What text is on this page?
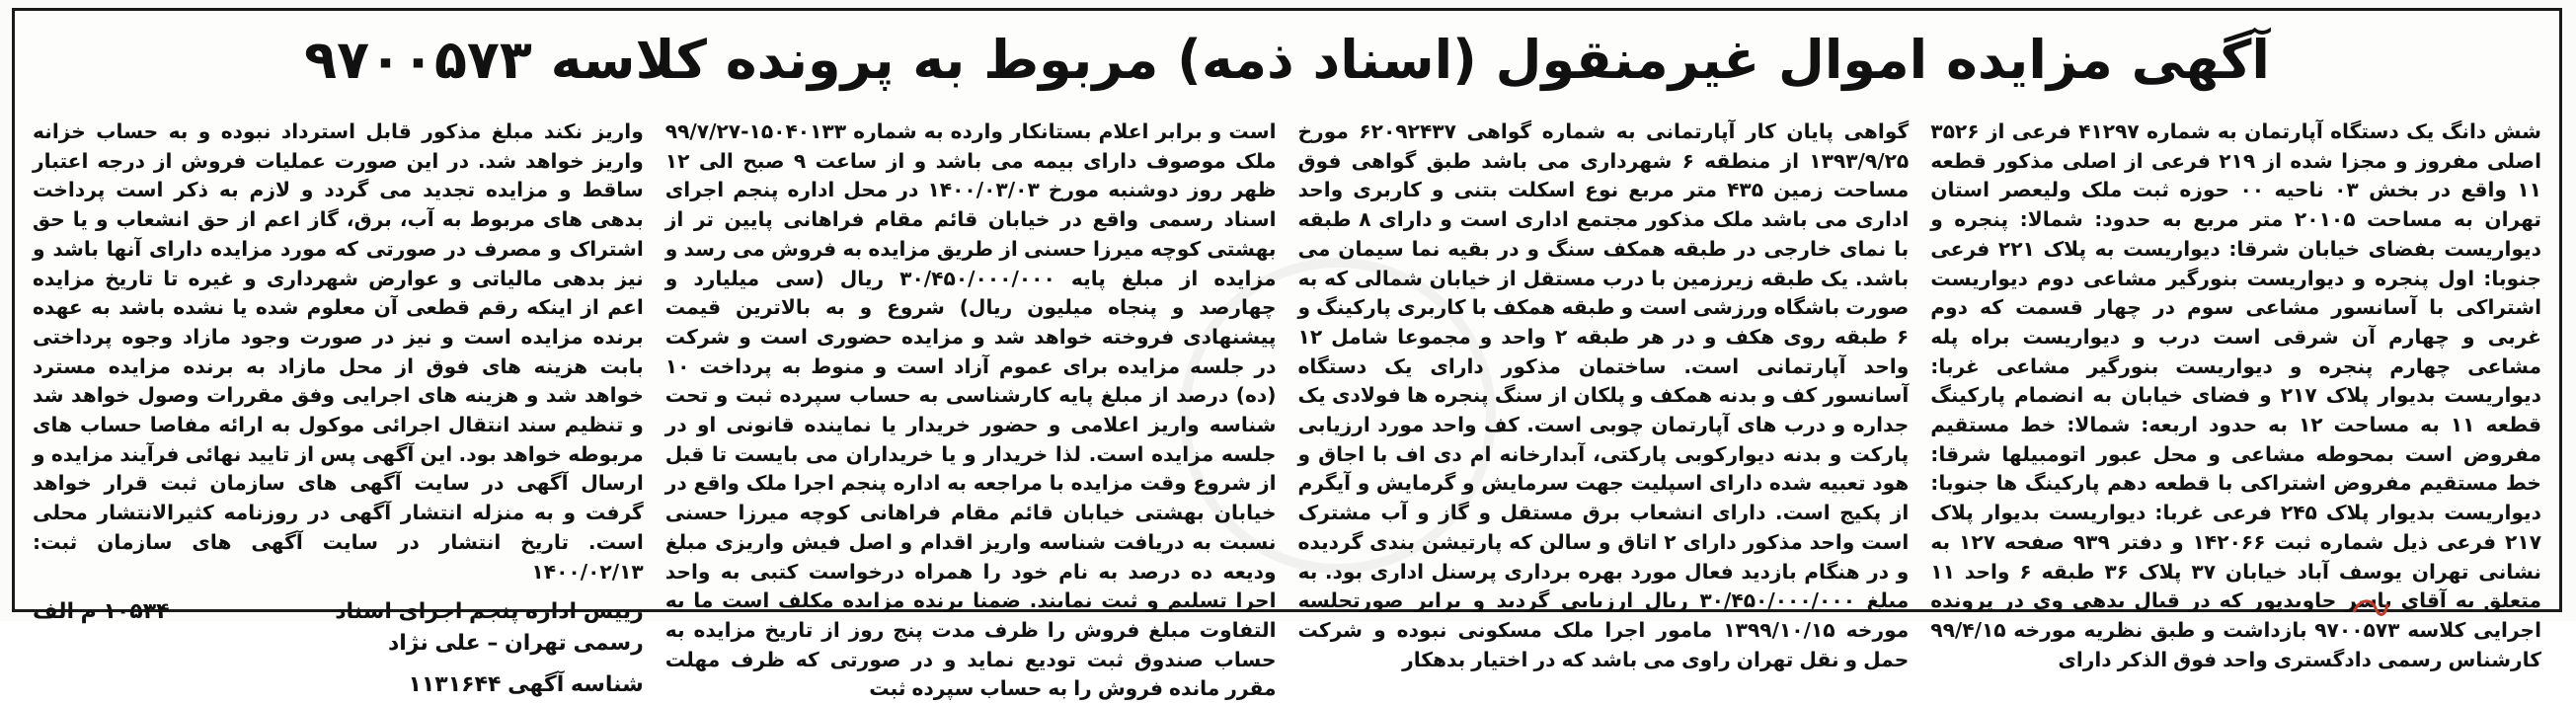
آگهی مزایده اموال غیرمنقول (اسناد ذمه) مربوط به پرونده کلاسه ۹۷۰۰۵۷۳

شش دانگ یک دستگاه آپارتمان به شماره ۴۱۲۹۷ فرعی از ۳۵۲۶ اصلی مفروز و مجزا شده از ۲۱۹ فرعی از اصلی مذکور قطعه ۱۱ واقع در بخش ۰۳ ناحیه ۰۰ حوزه ثبت ملک ولیعصر استان تهران به مساحت ۲۰۱۰۵ متر مربع به حدود: شمالا: پنجره و دیواریست بفضای خیابان شرقا: دیواریست به پلاک ۲۲۱ فرعی جنوبا: اول پنجره و دیواریست بنورگیر مشاعی دوم دیواریست اشتراکی با آسانسور مشاعی سوم در چهار قسمت که دوم غربی و چهارم آن شرقی است درب و دیواریست براه پله مشاعی چهارم پنجره و دیواریست بنورگیر مشاعی غربا: دیواریست بدیوار پلاک ۲۱۷ و فضای خیابان به انضمام پارکینگ قطعه ۱۱ به مساحت ۱۲ به حدود اربعه: شمالا: خط مستقیم مفروض است بمحوطه مشاعی و محل عبور اتومبیلها شرقا: خط مستقیم مفروض اشتراکی با قطعه دهم پارکینگ ها جنوبا: دیواریست بدیوار پلاک ۲۴۵ فرعی غربا: دیواریست بدیوار پلاک ۲۱۷ فرعی ذیل شماره ثبت ۱۴۲۰۶۶ و دفتر ۹۳۹ صفحه ۱۲۷ به نشانی تهران یوسف آباد خیابان ۳۷ پلاک ۳۶ طبقه ۶ واحد ۱۱ متعلق به آقای یاسر جاویدپور که در قبال بدهی وی در پرونده اجرایی کلاسه ۹۷۰۰۵۷۳ بازداشت و طبق نظریه مورخه ۹۹/۴/۱۵ کارشناس رسمی دادگستری واحد فوق الذکر دارای

گواهی پایان کار آپارتمانی به شماره گواهی ۶۲۰۹۲۴۳۷ مورخ ۱۳۹۳/۹/۲۵ از منطقه ۶ شهرداری می باشد طبق گواهی فوق مساحت زمین ۴۳۵ متر مربع نوع اسکلت بتنی و کاربری واحد اداری می باشد ملک مذکور مجتمع اداری است و دارای ۸ طبقه با نمای خارجی در طبقه همکف سنگ و در بقیه نما سیمان می باشد. یک طبقه زیرزمین با درب مستقل از خیابان شمالی که به صورت باشگاه ورزشی است و طبقه همکف با کاربری پارکینگ و ۶ طبقه روی هکف و در هر طبقه ۲ واحد و مجموعا شامل ۱۲ واحد آپارتمانی است. ساختمان مذکور دارای یک دستگاه آسانسور کف و بدنه همکف و پلکان از سنگ پنجره ها فولادی یک جداره و درب های آپارتمان چوبی است. کف واحد مورد ارزیابی پارکت و بدنه دیوارکوبی پارکتی، آبدارخانه ام دی اف با اجاق و هود تعبیه شده دارای اسپلیت جهت سرمایش و گرمایش و آیگرم از پکیج است. دارای انشعاب برق مستقل و گاز و آب مشترک است واحد مذکور دارای ۲ اتاق و سالن که پارتیشن بندی گردیده و در هنگام بازدید فعال مورد بهره برداری پرسنل اداری بود. به مبلغ ۳۰/۴۵۰/۰۰۰/۰۰۰ ریال ارزیابی گردید و برابر صورتجلسه مورخه ۱۳۹۹/۱۰/۱۵ مامور اجرا ملک مسکونی نبوده و شرکت حمل و نقل تهران راوی می باشد که در اختیار بدهکار

است و برابر اعلام بستانکار وارده به شماره ۱۵۰۴۰۱۳۳-۹۹/۷/۲۷ ملک موصوف دارای بیمه می باشد و از ساعت ۹ صبح الی ۱۲ ظهر روز دوشنبه مورخ ۱۴۰۰/۰۳/۰۳ در محل اداره پنجم اجرای اسناد رسمی واقع در خیابان قائم مقام فراهانی پایین تر از بهشتی کوچه میرزا حسنی از طریق مزایده به فروش می رسد و مزایده از مبلغ پایه ۳۰/۴۵۰/۰۰۰/۰۰۰ ریال (سی میلیارد و چهارصد و پنجاه میلیون ریال) شروع و به بالاترین قیمت پیشنهادی فروخته خواهد شد و مزایده حضوری است و شرکت در جلسه مزایده برای عموم آزاد است و منوط به پرداخت ۱۰ (ده) درصد از مبلغ پایه کارشناسی به حساب سپرده ثبت و تحت شناسه واریز اعلامی و حضور خریدار یا نماینده قانونی او در جلسه مزایده است. لذا خریدار و یا خریداران می بایست تا قبل از شروع وقت مزایده با مراجعه به اداره پنجم اجرا ملک واقع در خیابان بهشتی خیابان قائم مقام فراهانی کوچه میرزا حسنی نسبت به دریافت شناسه واریز اقدام و اصل فیش واریزی مبلغ ودیعه ده درصد به نام خود را همراه درخواست کتبی به واحد اجرا تسلیم و ثبت نمایند. ضمنا برنده مزایده مکلف است ما به التفاوت مبلغ فروش را ظرف مدت پنج روز از تاریخ مزایده به حساب صندوق ثبت تودیع نماید و در صورتی که ظرف مهلت مقرر مانده فروش را به حساب سپرده ثبت

واریز نکند مبلغ مذکور قابل استرداد نبوده و به حساب خزانه واریز خواهد شد. در این صورت عملیات فروش از درجه اعتبار ساقط و مزایده تجدید می گردد و لازم به ذکر است پرداخت بدهی های مربوط به آب، برق، گاز اعم از حق انشعاب و یا حق اشتراک و مصرف در صورتی که مورد مزایده دارای آنها باشد و نیز بدهی مالیاتی و عوارض شهرداری و غیره تا تاریخ مزایده اعم از اینکه رقم قطعی آن معلوم شده یا نشده باشد به عهده برنده مزایده است و نیز در صورت وجود مازاد وجوه پرداختی بابت هزینه های فوق از محل مازاد به برنده مزایده مسترد خواهد شد و هزینه های اجرایی وفق مقررات وصول خواهد شد و تنظیم سند انتقال اجرائی موکول به ارائه مفاصا حساب های مربوطه خواهد بود. این آگهی پس از تایید نهائی فرآیند مزایده و ارسال آگهی در سایت آگهی های سازمان ثبت قرار خواهد گرفت و به منزله انتشار آگهی در روزنامه کثیرالانتشار محلی است. تاریخ انتشار در سایت آگهی های سازمان ثبت: ۱۴۰۰/۰۲/۱۳

رییس اداره پنجم اجرای اسناد
۱۰۵۳۴ م الف
رسمی تهران – علی نژاد
شناسه آگهی ۱۱۳۱۶۴۴
